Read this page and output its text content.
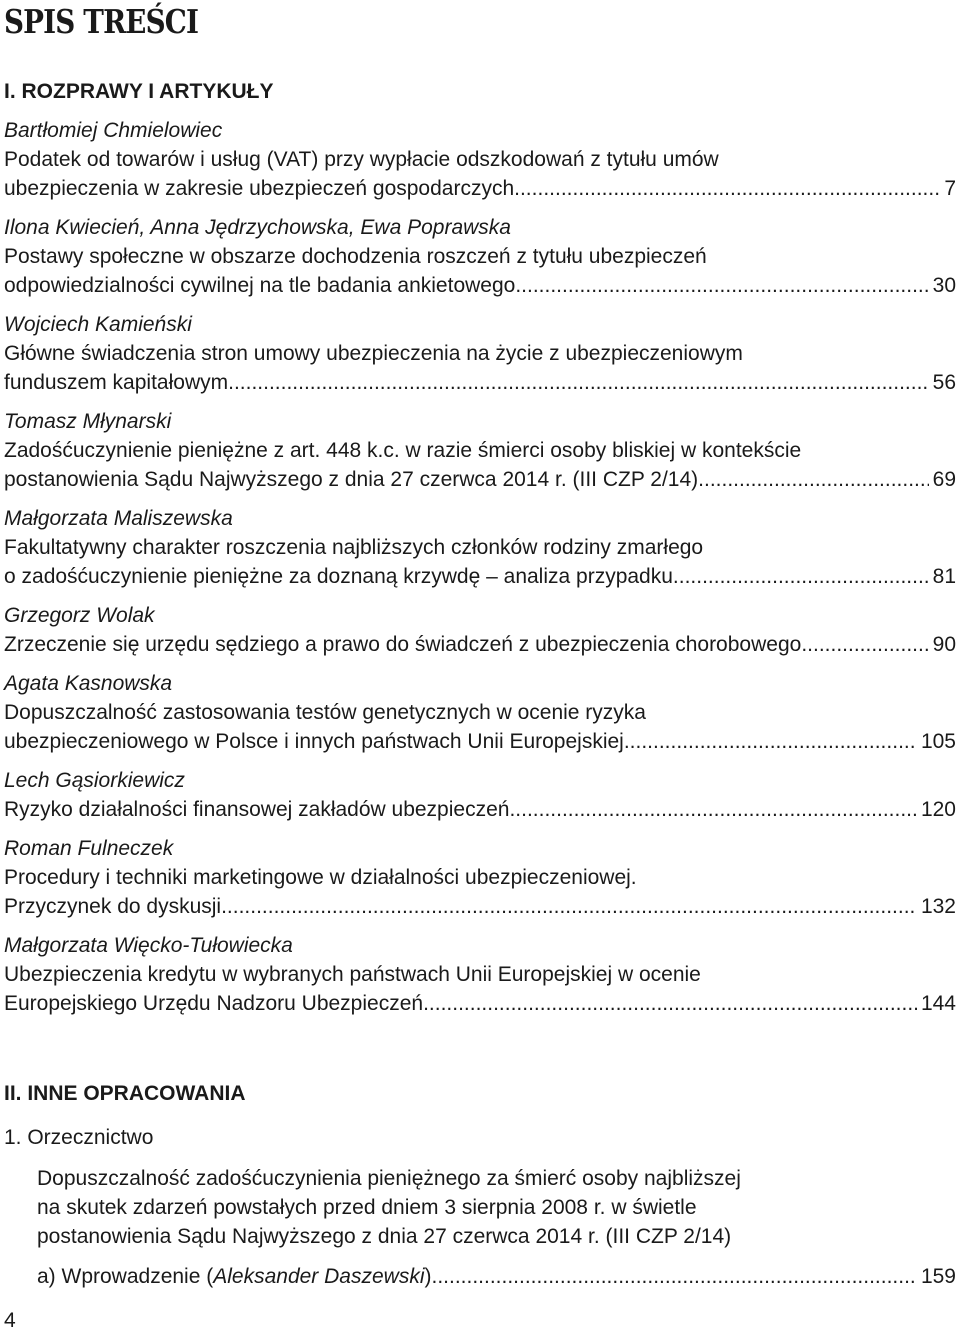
SPIS TREŚCI
I. ROZPRAWY I ARTYKUŁY
Bartłomiej Chmielowiec
Podatek od towarów i usług (VAT) przy wypłacie odszkodowań z tytułu umów
ubezpieczenia w zakresie ubezpieczeń gospodarczych .....	7
Ilona Kwiecień, Anna Jędrzychowska, Ewa Poprawska
Postawy społeczne w obszarze dochodzenia roszczeń z tytułu ubezpieczeń
odpowiedzialności cywilnej na tle badania ankietowego .....	30
Wojciech Kamieński
Główne świadczenia stron umowy ubezpieczenia na życie z ubezpieczeniowym
funduszem kapitałowym .....	56
Tomasz Młynarski
Zadośćuczynienie pieniężne z art. 448 k.c. w razie śmierci osoby bliskiej w kontekście
postanowienia Sądu Najwyższego z dnia 27 czerwca 2014 r. (III CZP 2/14) .....	69
Małgorzata Maliszewska
Fakultatywny charakter roszczenia najbliższych członków rodziny zmarłego
o zadośćuczynienie pieniężne za doznaną krzywdę – analiza przypadku .....	81
Grzegorz Wolak
Zrzeczenie się urzędu sędziego a prawo do świadczeń z ubezpieczenia chorobowego .....	90
Agata Kasnowska
Dopuszczalność zastosowania testów genetycznych w ocenie ryzyka
ubezpieczeniowego w Polsce i innych państwach Unii Europejskiej .....	105
Lech Gąsiorkiewicz
Ryzyko działalności finansowej zakładów ubezpieczeń .....	120
Roman Fulneczek
Procedury i techniki marketingowe w działalności ubezpieczeniowej.
Przyczynek do dyskusji .....	132
Małgorzata Więcko-Tułowiecka
Ubezpieczenia kredytu w wybranych państwach Unii Europejskiej w ocenie
Europejskiego Urzędu Nadzoru Ubezpieczeń .....	144
II. INNE OPRACOWANIA
1. Orzecznictwo
Dopuszczalność zadośćuczynienia pieniężnego za śmierć osoby najbliższej
na skutek zdarzeń powstałych przed dniem 3 sierpnia 2008 r. w świetle
postanowienia Sądu Najwyższego z dnia 27 czerwca 2014 r. (III CZP 2/14)
a) Wprowadzenie (Aleksander Daszewski) .....	159
4
